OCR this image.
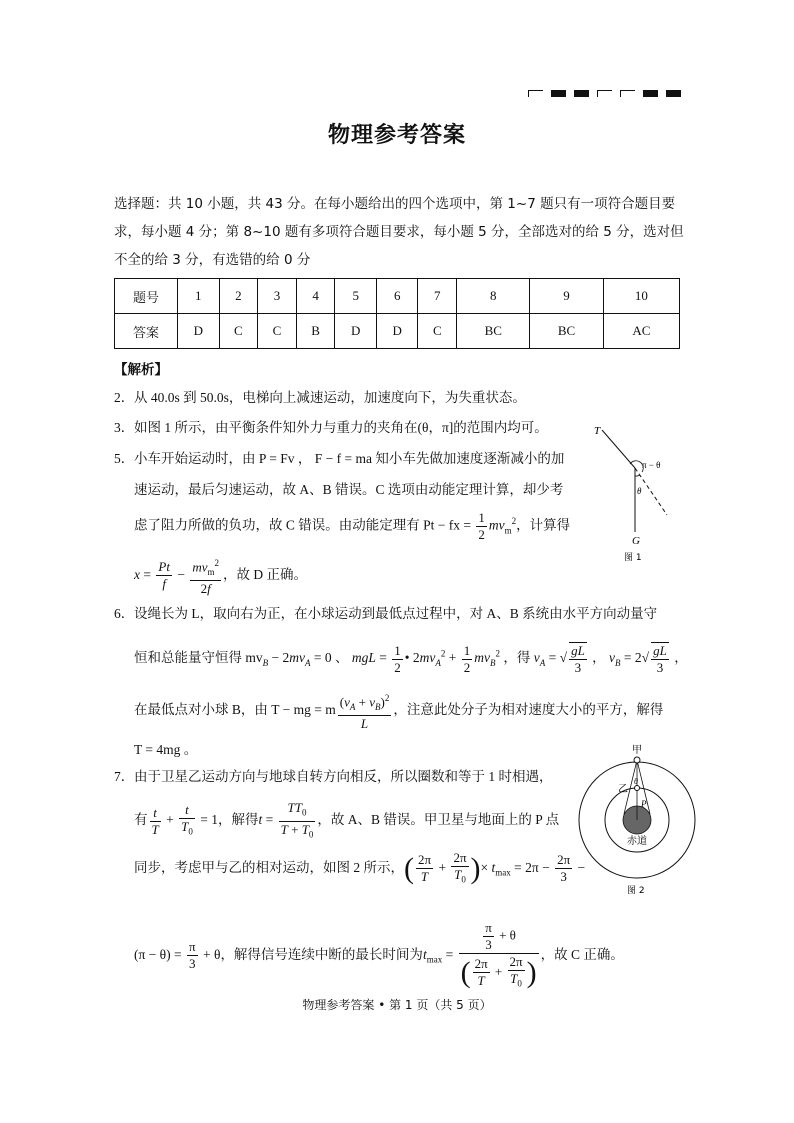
物理参考答案
选择题：共 10 小题，共 43 分。在每小题给出的四个选项中，第 1~7 题只有一项符合题目要求，每小题 4 分；第 8~10 题有多项符合题目要求，每小题 5 分，全部选对的给 5 分，选对但不全的给 3 分，有选错的给 0 分
题号	1	2	3	4	5	6	7	8	9	10
答案	D	C	C	B	D	D	C	BC	BC	AC
【解析】
2．从 40.0s 到 50.0s，电梯向上减速运动，加速度向下，为失重状态。
3．如图 1 所示，由平衡条件知外力与重力的夹角在(θ，π]的范围内均可。
5．小车开始运动时，由 P = Fv ， F − f = ma 知小车先做加速度逐渐减小的加
速运动，最后匀速运动，故 A、B 错误。C 选项由动能定理计算，却少考
虑了阻力所做的负功，故 C 错误。由动能定理有 Pt − fx = $\frac{1}{2} mv_m^2$，计算得
$x = \frac{Pt}{f} - \frac{mv_m^2}{2f}$ ，故 D 正确。
T
π − θ
θ
G
图 1
6．设绳长为 L，取向右为正，在小球运动到最低点过程中，对 A、B 系统由水平方向动量守
恒和总能量守恒得 $mv_B - 2mv_A = 0$ 、 mgL = $\frac{1}{2}$ • $2mv_A^2 + \frac{1}{2} mv_B^2$ ，得 $v_A$ = √ $\frac{gL}{3}$ ， $v_B = 2√ \frac{gL}{3}$ ，
在最低点对小球 B，由 T − mg = m $\frac{(v_A + v_B)^2}{L}$ ，注意此处分子为相对速度大小的平方，解得
T = 4mg 。
7．由于卫星乙运动方向与地球自转方向相反，所以圈数和等于 1 时相遇，
有 $\frac{t}{T} + \frac{t}{T_0} = 1$，解得$t = \frac{TT_0}{T + T_0}$ ，故 A、B 错误。甲卫星与地面上的 P 点
同步，考虑甲与乙的相对运动，如图 2 所示，( $\frac{2\pi}{T} + \frac{2\pi}{T_0}$ )× $t_{max} = 2\pi - \frac{2\pi}{3}$ −
$(\pi - \theta) = \frac{\pi}{3} + \theta$，解得信号连续中断的最长时间为$t_{max} = \frac{\frac{\pi}{3} + \theta}{( \frac{2\pi}{T} + \frac{2\pi}{T_0} )}$ ，故 C 正确。
甲
乙
θ
P
赤道
图 2
物理参考答案 • 第 1 页（共 5 页）
